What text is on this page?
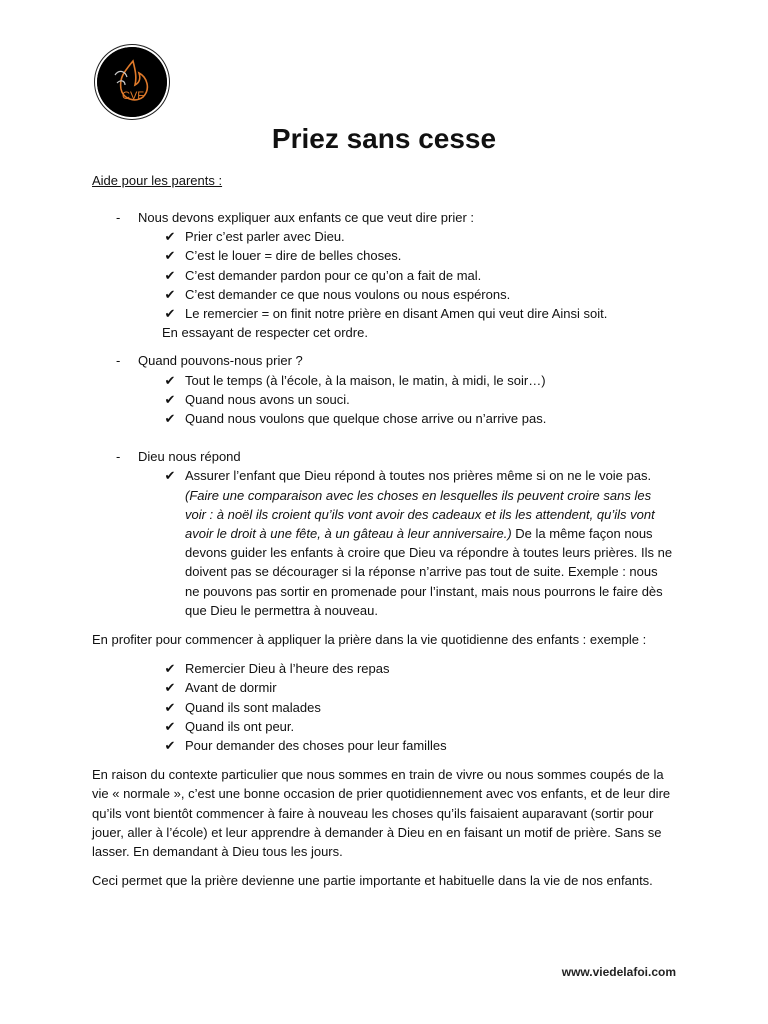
CVF
Priez sans cesse
Aide pour les parents :
- Nous devons expliquer aux enfants ce que veut dire prier :
✔ Prier c’est parler avec Dieu.
✔ C’est le louer = dire de belles choses.
✔ C’est demander pardon pour ce qu’on a fait de mal.
✔ C’est demander ce que nous voulons ou nous espérons.
✔ Le remercier = on finit notre prière en disant Amen qui veut dire Ainsi soit.
En essayant de respecter cet ordre.
- Quand pouvons-nous prier ?
✔ Tout le temps (à l’école, à la maison, le matin, à midi, le soir…)
✔ Quand nous avons un souci.
✔ Quand nous voulons que quelque chose arrive ou n’arrive pas.
- Dieu nous répond
✔ Assurer l’enfant que Dieu répond à toutes nos prières même si on ne le voie pas. (Faire une comparaison avec les choses en lesquelles ils peuvent croire sans les voir : à noël ils croient qu’ils vont avoir des cadeaux et ils les attendent, qu’ils vont avoir le droit à une fête, à un gâteau à leur anniversaire.) De la même façon nous devons guider les enfants à croire que Dieu va répondre à toutes leurs prières. Ils ne doivent pas se décourager si la réponse n’arrive pas tout de suite. Exemple : nous ne pouvons pas sortir en promenade pour l’instant, mais nous pourrons le faire dès que Dieu le permettra à nouveau.
En profiter pour commencer à appliquer la prière dans la vie quotidienne des enfants : exemple :
✔ Remercier Dieu à l’heure des repas
✔ Avant de dormir
✔ Quand ils sont malades
✔ Quand ils ont peur.
✔ Pour demander des choses pour leur familles
En raison du contexte particulier que nous sommes en train de vivre ou nous sommes coupés de la vie « normale », c’est une bonne occasion de prier quotidiennement avec vos enfants, et de leur dire qu’ils vont bientôt commencer à faire à nouveau les choses qu’ils faisaient auparavant (sortir pour jouer, aller à l’école) et leur apprendre à demander à Dieu en en faisant un motif de prière. Sans se lasser. En demandant à Dieu tous les jours.
Ceci permet que la prière devienne une partie importante et habituelle dans la vie de nos enfants.
www.viedelafoi.com
